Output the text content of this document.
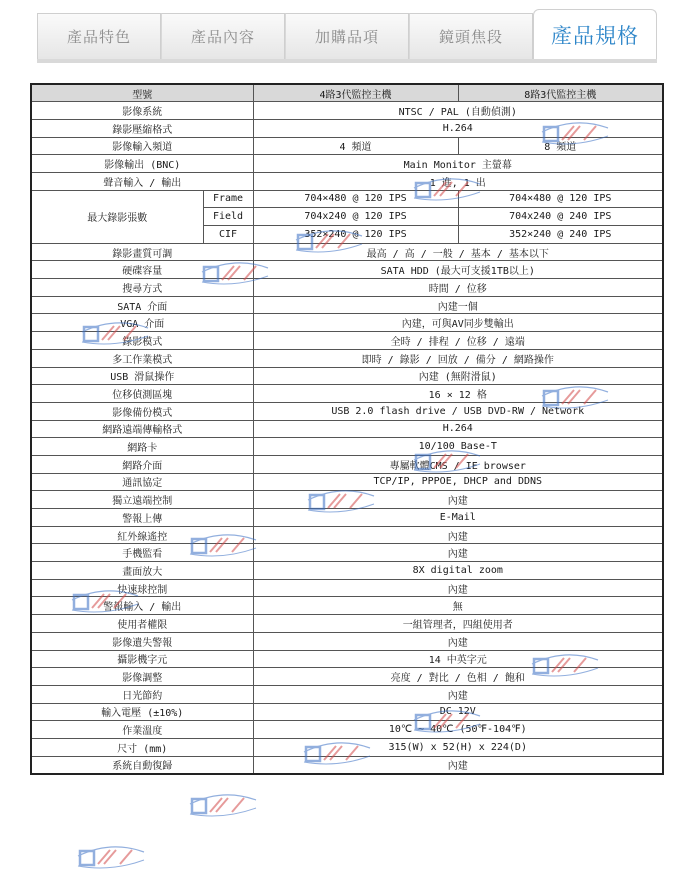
產品特色	產品內容	加購品項	鏡頭焦段	產品規格
型號		4路3代監控主機	8路3代監控主機
影像系統		NTSC / PAL (自動偵測)	
錄影壓縮格式		H.264	
影像輸入頻道		4 頻道	8 頻道
影像輸出 (BNC)		Main Monitor 主螢幕	
聲音輸入 / 輸出		1 進, 1 出	
最大錄影張數	Frame	704×480 @ 120 IPS	704×480 @ 120 IPS
	Field	704x240 @ 120 IPS	704x240 @ 240 IPS
	CIF	352×240 @ 120 IPS	352×240 @ 240 IPS
錄影畫質可調		最高 / 高 / 一般 / 基本 / 基本以下	
硬碟容量		SATA HDD (最大可支援1TB以上)	
搜尋方式		時間 / 位移	
SATA 介面		內建一個	
VGA 介面		內建，可與AV同步雙輸出	
錄影模式		全時 / 排程 / 位移 / 遠端	
多工作業模式		即時 / 錄影 / 回放 / 備分 / 網路操作	
USB 滑鼠操作		內建 (無附滑鼠)	
位移偵測區塊		16 × 12 格	
影像備份模式		USB 2.0 flash drive / USB DVD-RW / Network	
網路遠端傳輸格式		H.264	
網路卡		10/100 Base-T	
網路介面		專屬軟體CMS / IE browser	
通訊協定		TCP/IP, PPPOE, DHCP and DDNS	
獨立遠端控制		內建	
警報上傳		E-Mail	
紅外線遙控		內建	
手機監看		內建	
畫面放大		8X digital zoom	
快速球控制		內建	
警報輸入 / 輸出		無	
使用者權限		一組管理者，四組使用者	
影像遺失警報		內建	
攝影機字元		14 中英字元	
影像調整		亮度 / 對比 / 色相 / 飽和	
日光節約		內建	
輸入電壓 (±10%)		DC 12V	
作業溫度		10℃ ~ 40℃ (50℉-104℉)	
尺寸 (mm)		315(W) x 52(H) x 224(D)	
系統自動復歸		內建	
